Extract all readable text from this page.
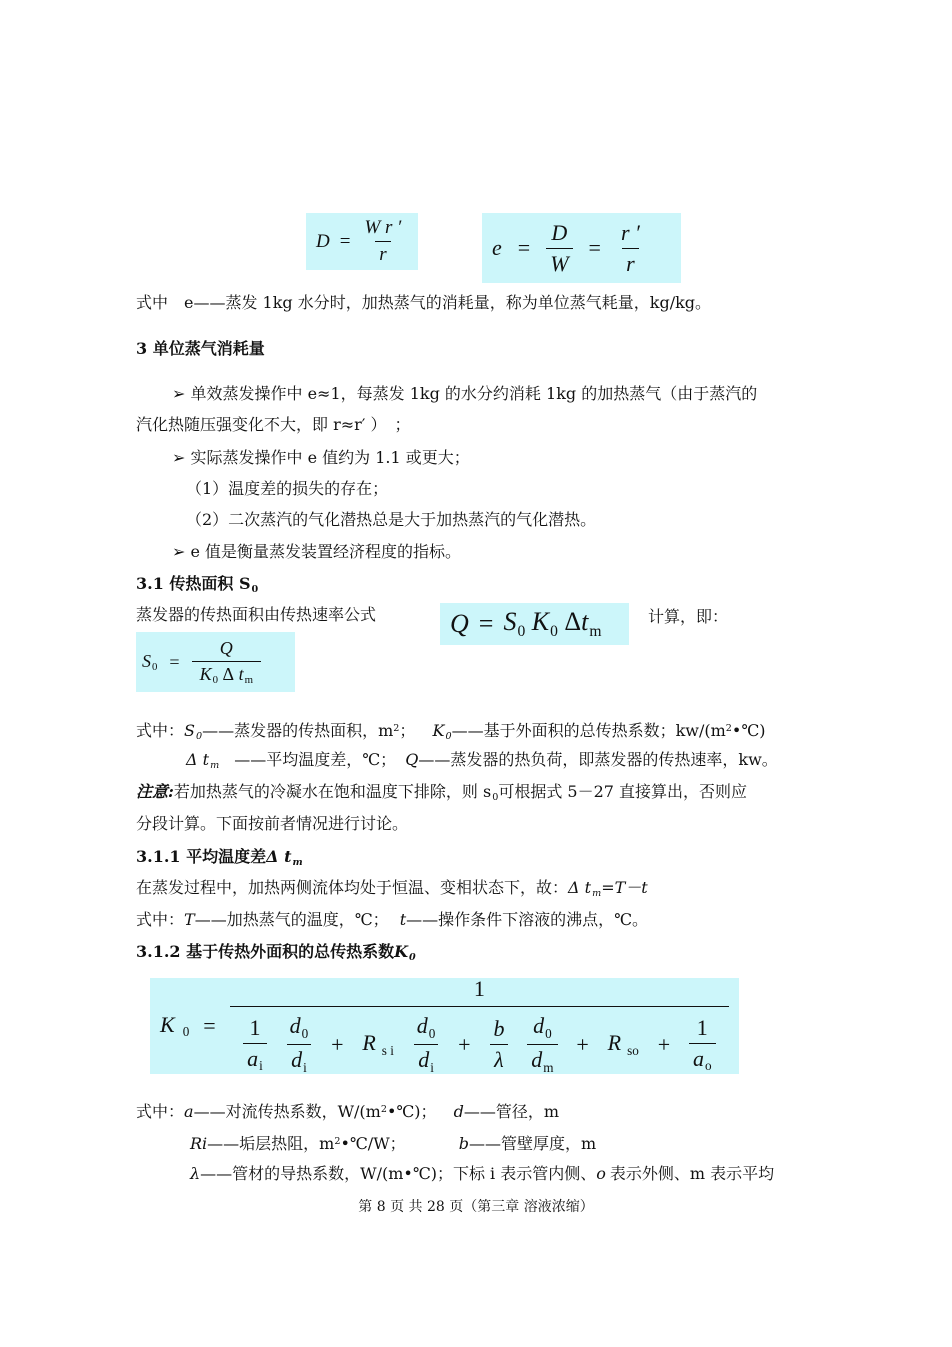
$D = \frac{\text{W r ′}}{r}$	$e = \frac{D}{W} = \frac{r '}{r}$
式中　e——蒸发 1kg 水分时，加热蒸气的消耗量，称为单位蒸气耗量，kg/kg。
3 单位蒸气消耗量
➢ 单效蒸发操作中 e≈1，每蒸发 1kg 的水分约消耗 1kg 的加热蒸气（由于蒸汽的
汽化热随压强变化不大，即 r≈r′ ）　；
➢ 实际蒸发操作中 e 值约为 1.1 或更大；
（1）温度差的损失的存在；
（2）二次蒸汽的气化潜热总是大于加热蒸汽的气化潜热。
➢ e 值是衡量蒸发装置经济程度的指标。
3.1 传热面积 $S_0$
蒸发器的传热面积由传热速率公式	$Q = S_0$ $K_0$ $\Delta t_m$
计算，即：
$S_0 = \frac{Q}{K_0 \Delta t_m}$
式中：$S_0——$蒸发器的传热面积，$m^2$； $K_0——$基于外面积的总传热系数；$kw/(m^2•℃)$
Δ $t_m$ ——平均温度差，℃； Q——蒸发器的热负荷，即蒸发器的传热速率，kw。
注意:若加热蒸气的冷凝水在饱和温度下排除，则 $s_0$可根据式 5－27 直接算出，否则应
分段计算。下面按前者情况进行讨论。
3.1.1 平均温度差Δ $t_m$
在蒸发过程中，加热两侧流体均处于恒温、变相状态下，故：Δ $t_m=T-t$
式中：T——加热蒸气的温度，℃； t——操作条件下溶液的沸点，℃。
3.1.2 基于传热外面积的总传热系数$K_0$
K $_0$ =
1
$\frac{1}{a_i} \frac{d_0}{d_i} + R$ $_{s i} \frac{d_0}{d_i} + \frac{b}{\lambda} \frac{d_0}{d_m} + R$ $_{so} + \frac{1}{a_o}$
式中：a——对流传热系数，$W/(m^2•℃)$； d——管径，m
Ri——垢层热阻，$m^2•℃/W$；	b——管壁厚度，m
λ——管材的导热系数，W/(m•℃)；下标 i 表示管内侧、o 表示外侧、m 表示平均
第 8 页 共 28 页（第三章 溶液浓缩）
